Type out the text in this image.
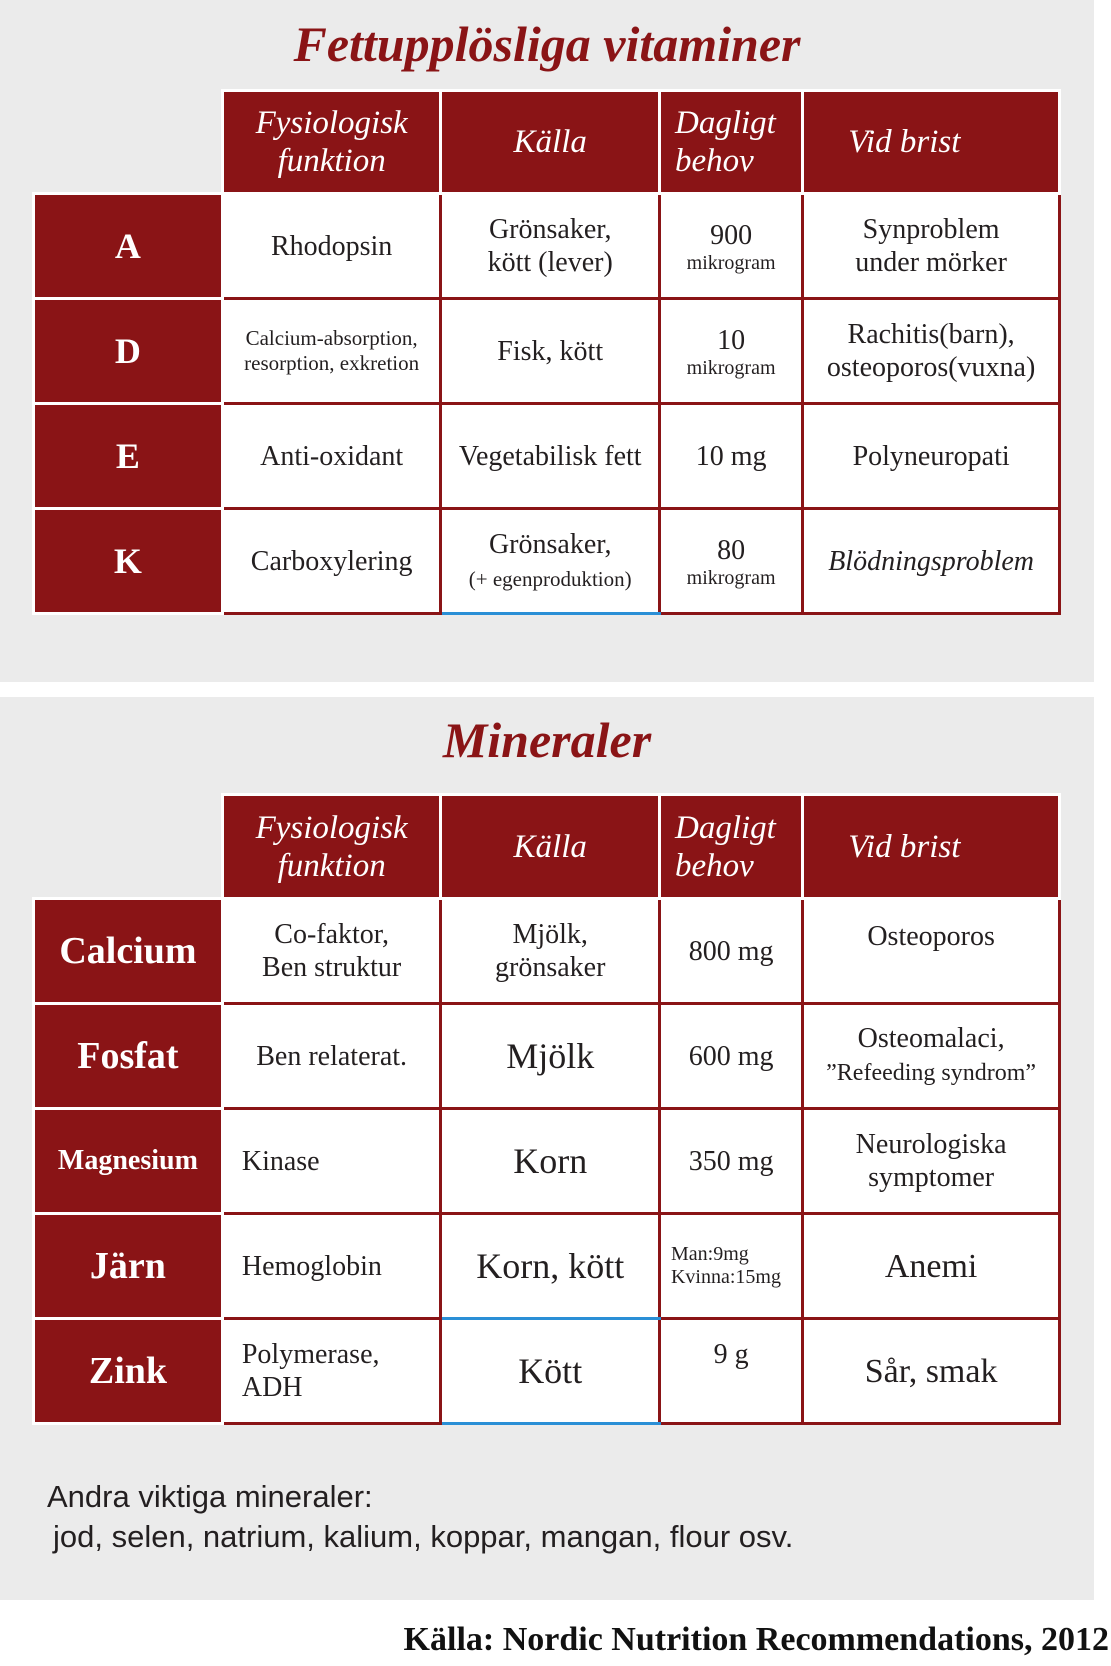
Fettupplösliga vitaminer
	Fysiologisk
funktion	Källa	Dagligt
behov	Vid brist
A	Rhodopsin	Grönsaker,
kött (lever)	900
mikrogram	Synproblem
under mörker
D	Calcium-absorption,
resorption, exkretion	Fisk, kött	10
mikrogram	Rachitis(barn),
osteoporos(vuxna)
E	Anti-oxidant	Vegetabilisk fett	10 mg	Polyneuropati
K	Carboxylering	Grönsaker,
(+ egenproduktion)	80
mikrogram	Blödningsproblem
Mineraler
	Fysiologisk
funktion	Källa	Dagligt
behov	Vid brist
Calcium	Co-faktor,
Ben struktur	Mjölk,
grönsaker	800 mg	Osteoporos
Fosfat	Ben relaterat.	Mjölk	600 mg	Osteomalaci,
”Refeeding syndrom”
Magnesium	Kinase	Korn	350 mg	Neurologiska
symptomer
Järn	Hemoglobin	Korn, kött	Man:9mg
Kvinna:15mg	Anemi
Zink	Polymerase,
ADH	Kött	9 g	Sår, smak
Andra viktiga mineraler:
jod, selen, natrium, kalium, koppar, mangan, flour osv.
Källa: Nordic Nutrition Recommendations, 2012
